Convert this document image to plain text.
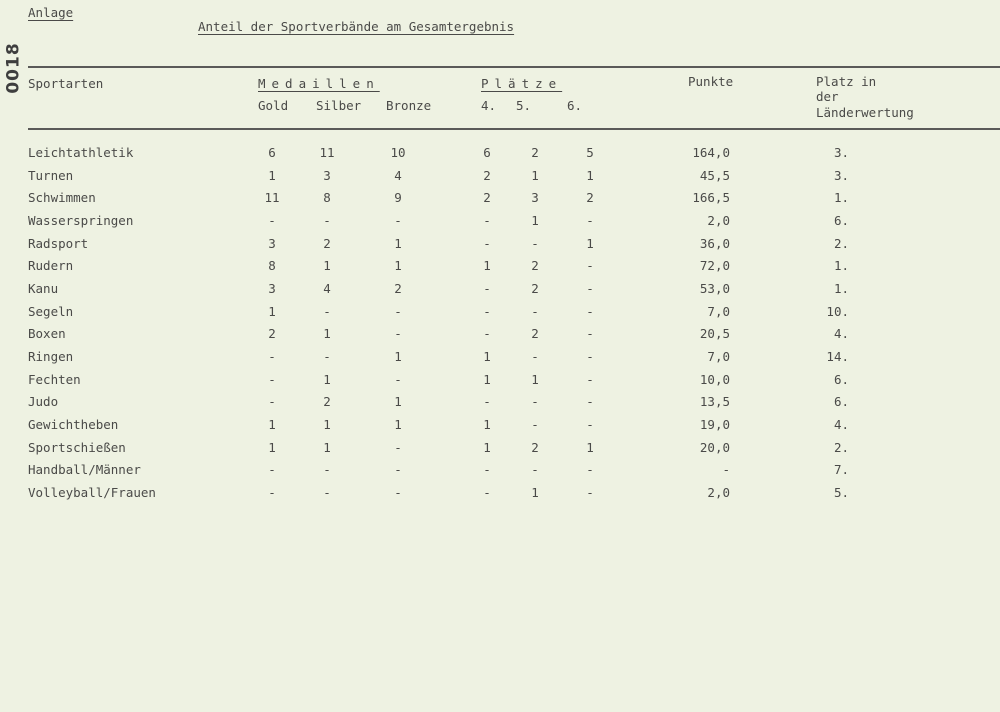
0018
Anlage
Anteil der Sportverbände am Gesamtergebnis
Sportarten	Medaillen	Plätze	Punkte	Platz in
der
Länderwertung
Gold Silber Bronze	4. 5.	6.
Leichtathletik	6	11	10	6	2	5	164,0	3.
Turnen	1	3	4	2	1	1	45,5	3.
Schwimmen	11	8	9	2	3	2	166,5	1.
Wasserspringen	-	-	-	-	1	-	2,0	6.
Radsport	3	2	1	-	-	1	36,0	2.
Rudern	8	1	1	1	2	-	72,0	1.
Kanu	3	4	2	-	2	-	53,0	1.
Segeln	1	-	-	-	-	-	7,0	10.
Boxen	2	1	-	-	2	-	20,5	4.
Ringen	-	-	1	1	-	-	7,0	14.
Fechten	-	1	-	1	1	-	10,0	6.
Judo	-	2	1	-	-	-	13,5	6.
Gewichtheben	1	1	1	1	-	-	19,0	4.
Sportschießen	1	1	-	1	2	1	20,0	2.
Handball/Männer	-	-	-	-	-	-	-	7.
Volleyball/Frauen	-	-	-	-	1	-	2,0	5.
